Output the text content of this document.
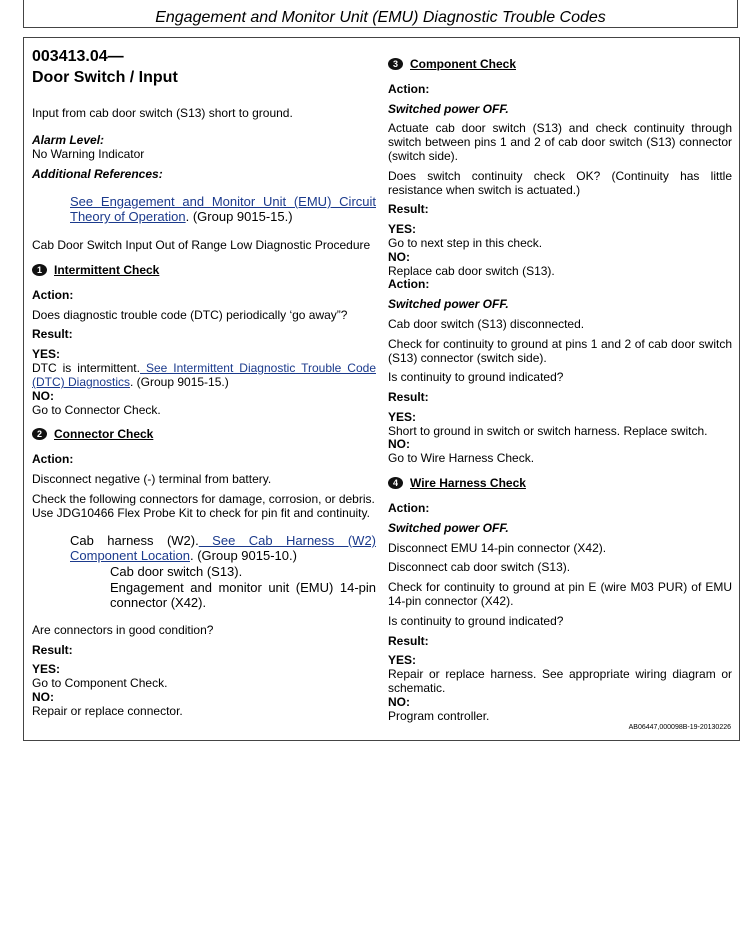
Engagement and Monitor Unit (EMU) Diagnostic Trouble Codes
003413.04—
Door Switch / Input
Input from cab door switch (S13) short to ground.
Alarm Level:
No Warning Indicator
Additional References:
See Engagement and Monitor Unit (EMU) Circuit Theory of Operation. (Group 9015-15.)
Cab Door Switch Input Out of Range Low Diagnostic Procedure
1 Intermittent Check
Action:
Does diagnostic trouble code (DTC) periodically ‘go away”?
Result:
YES:
DTC is intermittent. See Intermittent Diagnostic Trouble Code (DTC) Diagnostics. (Group 9015-15.)
NO:
Go to Connector Check.
2 Connector Check
Action:
Disconnect negative (-) terminal from battery.
Check the following connectors for damage, corrosion, or debris. Use JDG10466 Flex Probe Kit to check for pin fit and continuity.
Cab harness (W2). See Cab Harness (W2) Component Location. (Group 9015-10.)
Cab door switch (S13).
Engagement and monitor unit (EMU) 14-pin connector (X42).
Are connectors in good condition?
Result:
YES:
Go to Component Check.
NO:
Repair or replace connector.
3 Component Check
Action:
Switched power OFF.
Actuate cab door switch (S13) and check continuity through switch between pins 1 and 2 of cab door switch (S13) connector (switch side).
Does switch continuity check OK? (Continuity has little resistance when switch is actuated.)
Result:
YES:
Go to next step in this check.
NO:
Replace cab door switch (S13).
Action:
Switched power OFF.
Cab door switch (S13) disconnected.
Check for continuity to ground at pins 1 and 2 of cab door switch (S13) connector (switch side).
Is continuity to ground indicated?
Result:
YES:
Short to ground in switch or switch harness. Replace switch.
NO:
Go to Wire Harness Check.
4 Wire Harness Check
Action:
Switched power OFF.
Disconnect EMU 14-pin connector (X42).
Disconnect cab door switch (S13).
Check for continuity to ground at pin E (wire M03 PUR) of EMU 14-pin connector (X42).
Is continuity to ground indicated?
Result:
YES:
Repair or replace harness. See appropriate wiring diagram or schematic.
NO:
Program controller.
AB06447,000098B-19-20130226
